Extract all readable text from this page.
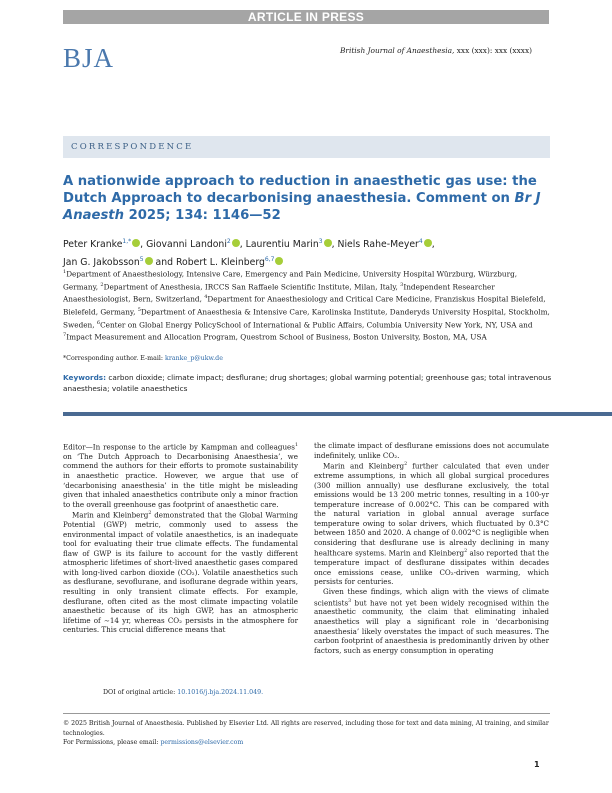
ARTICLE IN PRESS
BJA	British Journal of Anaesthesia, xxx (xxx): xxx (xxxx)
CORRESPONDENCE
A nationwide approach to reduction in anaesthetic gas use: the Dutch Approach to decarbonising anaesthesia. Comment on Br J Anaesth 2025; 134: 1146—52
Peter Kranke$^{1,*}$ , Giovanni Landoni$^2$ , Laurentiu Marin$^3$ , Niels Rahe-Meyer$^4$ ,
Jan G. Jakobsson$^5$ and Robert L. Kleinberg$^{6,7}$
$^1$Department of Anaesthesiology, Intensive Care, Emergency and Pain Medicine, University Hospital Würzburg, Würzburg, Germany, $^2$Department of Anesthesia, IRCCS San Raffaele Scientific Institute, Milan, Italy, $^3$Independent Researcher Anaesthesiologist, Bern, Switzerland, $^4$Department for Anaesthesiology and Critical Care Medicine, Franziskus Hospital Bielefeld, Bielefeld, Germany, $^5$Department of Anaesthesia & Intensive Care, Karolinska Institute, Danderyds University Hospital, Stockholm, Sweden, $^6$Center on Global Energy PolicySchool of International & Public Affairs, Columbia University New York, NY, USA and $^7$Impact Measurement and Allocation Program, Questrom School of Business, Boston University, Boston, MA, USA
*Corresponding author. E-mail: kranke_p@ukw.de
Keywords: carbon dioxide; climate impact; desflurane; drug shortages; global warming potential; greenhouse gas; total intravenous anaesthesia; volatile anaesthetics

Editor—In response to the article by Kampman and colleagues$^1$ on ‘The Dutch Approach to Decarbonising Anaesthesia’, we commend the authors for their efforts to promote sustainability in anaesthetic practice. However, we argue that use of ‘decarbonising anaesthesia’ in the title might be misleading given that inhaled anaesthetics contribute only a minor fraction to the overall greenhouse gas footprint of anaesthetic care.

Marin and Kleinberg$^2$ demonstrated that the Global Warming Potential (GWP) metric, commonly used to assess the environmental impact of volatile anaesthetics, is an inadequate tool for evaluating their true climate effects. The fundamental flaw of GWP is its failure to account for the vastly different atmospheric lifetimes of short-lived anaesthetic gases compared with long-lived carbon dioxide (CO₂). Volatile anaesthetics such as desflurane, sevoflurane, and isoflurane degrade within years, resulting in only transient climate effects. For example, desflurane, often cited as the most climate impacting volatile anaesthetic because of its high GWP, has an atmospheric lifetime of ∼14 yr, whereas CO₂ persists in the atmosphere for centuries. This crucial difference means that

the climate impact of desflurane emissions does not accumulate indefinitely, unlike CO₂.

Marin and Kleinberg$^2$ further calculated that even under extreme assumptions, in which all global surgical procedures (300 million annually) use desflurane exclusively, the total emissions would be 13 200 metric tonnes, resulting in a 100-yr temperature increase of 0.002°C. This can be compared with the natural variation in global annual average surface temperature owing to solar drivers, which fluctuated by 0.3°C between 1850 and 2020. A change of 0.002°C is negligible when considering that desflurane use is already declining in many healthcare systems. Marin and Kleinberg$^2$ also reported that the temperature impact of desflurane dissipates within decades once emissions cease, unlike CO₂-driven warming, which persists for centuries.

Given these findings, which align with the views of climate scientists$^3$ but have not yet been widely recognised within the anaesthetic community, the claim that eliminating inhaled anaesthetics will play a significant role in ‘decarbonising anaesthesia’ likely overstates the impact of such measures. The carbon footprint of anaesthesia is predominantly driven by other factors, such as energy consumption in operating

DOI of original article: 10.1016/j.bja.2024.11.049.
© 2025 British Journal of Anaesthesia. Published by Elsevier Ltd. All rights are reserved, including those for text and data mining, AI training, and similar technologies.
For Permissions, please email: permissions@elsevier.com
1
